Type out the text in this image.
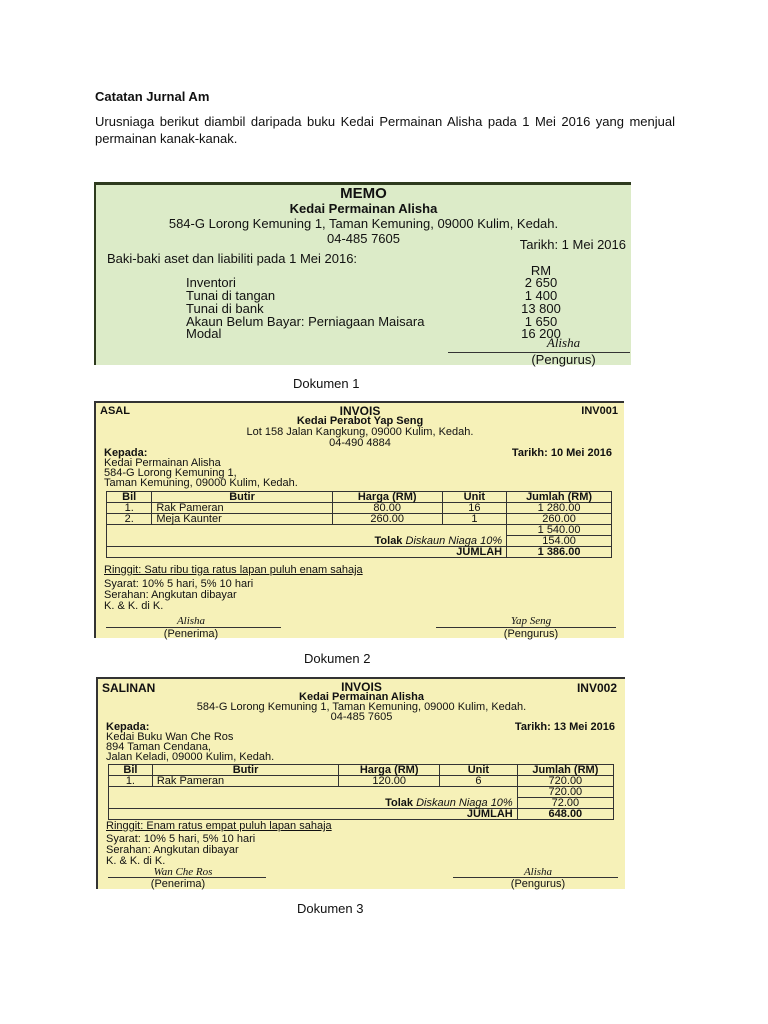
Catatan Jurnal Am
Urusniaga berikut diambil daripada buku Kedai Permainan Alisha pada 1 Mei 2016 yang menjual permainan kanak-kanak.
MEMO
Kedai Permainan Alisha
584-G Lorong Kemuning 1, Taman Kemuning, 09000 Kulim, Kedah.
04-485 7605	Tarikh: 1 Mei 2016
Baki-baki aset dan liabiliti pada 1 Mei 2016:
RM
Inventori	2 650
Tunai di tangan	1 400
Tunai di bank	13 800
Akaun Belum Bayar: Perniagaan Maisara	1 650
Modal	16 200
Alisha
(Pengurus)
Dokumen 1
ASAL	INVOIS	INV001
Kedai Perabot Yap Seng
Lot 158 Jalan Kangkung, 09000 Kulim, Kedah.
04-490 4884
Kepada:	Tarikh: 10 Mei 2016
Kedai Permainan Alisha
584-G Lorong Kemuning 1,
Taman Kemuning, 09000 Kulim, Kedah.
Bil	Butir	Harga (RM)	Unit	Jumlah (RM)
1.	Rak Pameran	80.00	16	1 280.00
2.	Meja Kaunter	260.00	1	260.00
				1 540.00
Tolak Diskaun Niaga 10%				154.00
			JUMLAH	1 386.00
Ringgit: Satu ribu tiga ratus lapan puluh enam sahaja
Syarat: 10% 5 hari, 5% 10 hari
Serahan: Angkutan dibayar
K. & K. di K.
Alisha
(Penerima)
Yap Seng
(Pengurus)
Dokumen 2
SALINAN	INVOIS	INV002
Kedai Permainan Alisha
584-G Lorong Kemuning 1, Taman Kemuning, 09000 Kulim, Kedah.
04-485 7605
Kepada:	Tarikh: 13 Mei 2016
Kedai Buku Wan Che Ros
894 Taman Cendana,
Jalan Keladi, 09000 Kulim, Kedah.
Bil	Butir	Harga (RM)	Unit	Jumlah (RM)
1.	Rak Pameran	120.00	6	720.00
				720.00
Tolak Diskaun Niaga 10%				72.00
			JUMLAH	648.00
Ringgit: Enam ratus empat puluh lapan sahaja
Syarat: 10% 5 hari, 5% 10 hari
Serahan: Angkutan dibayar
K. & K. di K.
Wan Che Ros
(Penerima)
Alisha
(Pengurus)
Dokumen 3
